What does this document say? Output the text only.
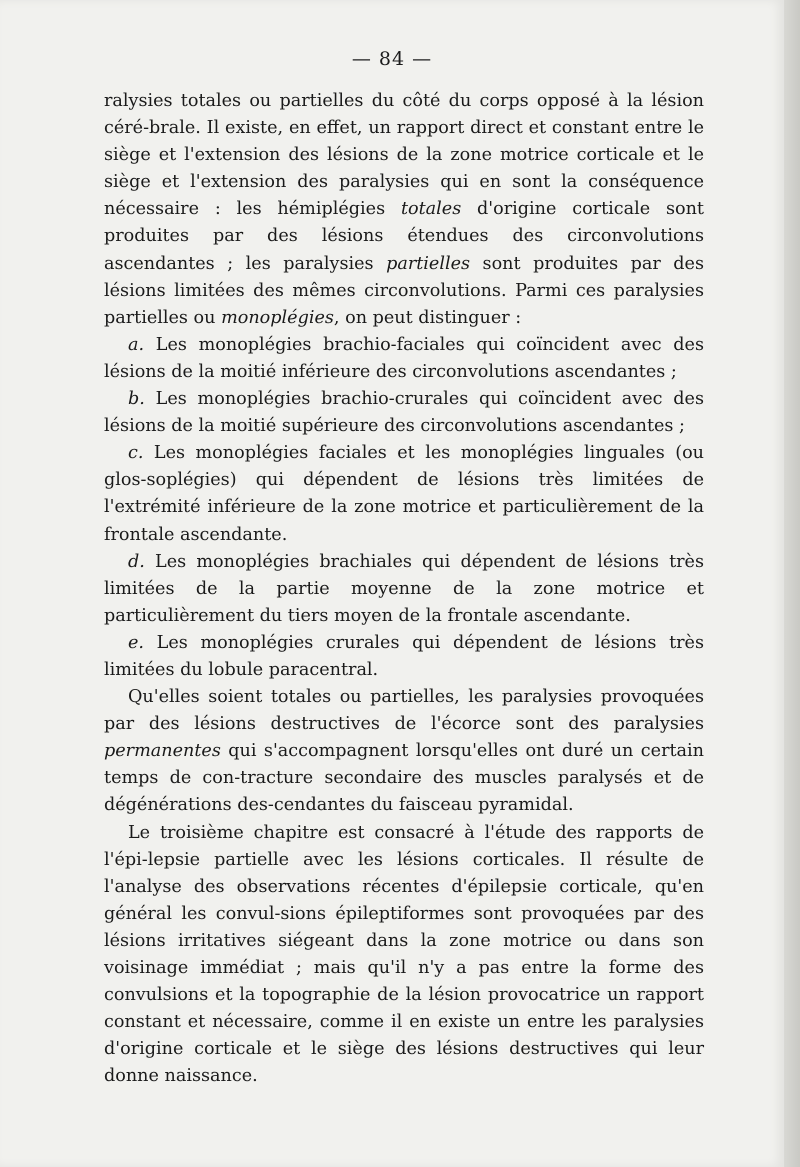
— 84 —

ralysies totales ou partielles du côté du corps opposé à la lésion céré-brale. Il existe, en effet, un rapport direct et constant entre le siège et l'extension des lésions de la zone motrice corticale et le siège et l'extension des paralysies qui en sont la conséquence nécessaire : les hémiplégies totales d'origine corticale sont produites par des lésions étendues des circonvolutions ascendantes ; les paralysies partielles sont produites par des lésions limitées des mêmes circonvolutions. Parmi ces paralysies partielles ou monoplégies, on peut distinguer :

a. Les monoplégies brachio-faciales qui coïncident avec des lésions de la moitié inférieure des circonvolutions ascendantes ;

b. Les monoplégies brachio-crurales qui coïncident avec des lésions de la moitié supérieure des circonvolutions ascendantes ;

c. Les monoplégies faciales et les monoplégies linguales (ou glos-soplégies) qui dépendent de lésions très limitées de l'extrémité inférieure de la zone motrice et particulièrement de la frontale ascendante.

d. Les monoplégies brachiales qui dépendent de lésions très limitées de la partie moyenne de la zone motrice et particulièrement du tiers moyen de la frontale ascendante.

e. Les monoplégies crurales qui dépendent de lésions très limitées du lobule paracentral.

Qu'elles soient totales ou partielles, les paralysies provoquées par des lésions destructives de l'écorce sont des paralysies permanentes qui s'accompagnent lorsqu'elles ont duré un certain temps de con-tracture secondaire des muscles paralysés et de dégénérations des-cendantes du faisceau pyramidal.

Le troisième chapitre est consacré à l'étude des rapports de l'épi-lepsie partielle avec les lésions corticales. Il résulte de l'analyse des observations récentes d'épilepsie corticale, qu'en général les convul-sions épileptiformes sont provoquées par des lésions irritatives siégeant dans la zone motrice ou dans son voisinage immédiat ; mais qu'il n'y a pas entre la forme des convulsions et la topographie de la lésion provocatrice un rapport constant et nécessaire, comme il en existe un entre les paralysies d'origine corticale et le siège des lésions destructives qui leur donne naissance.
